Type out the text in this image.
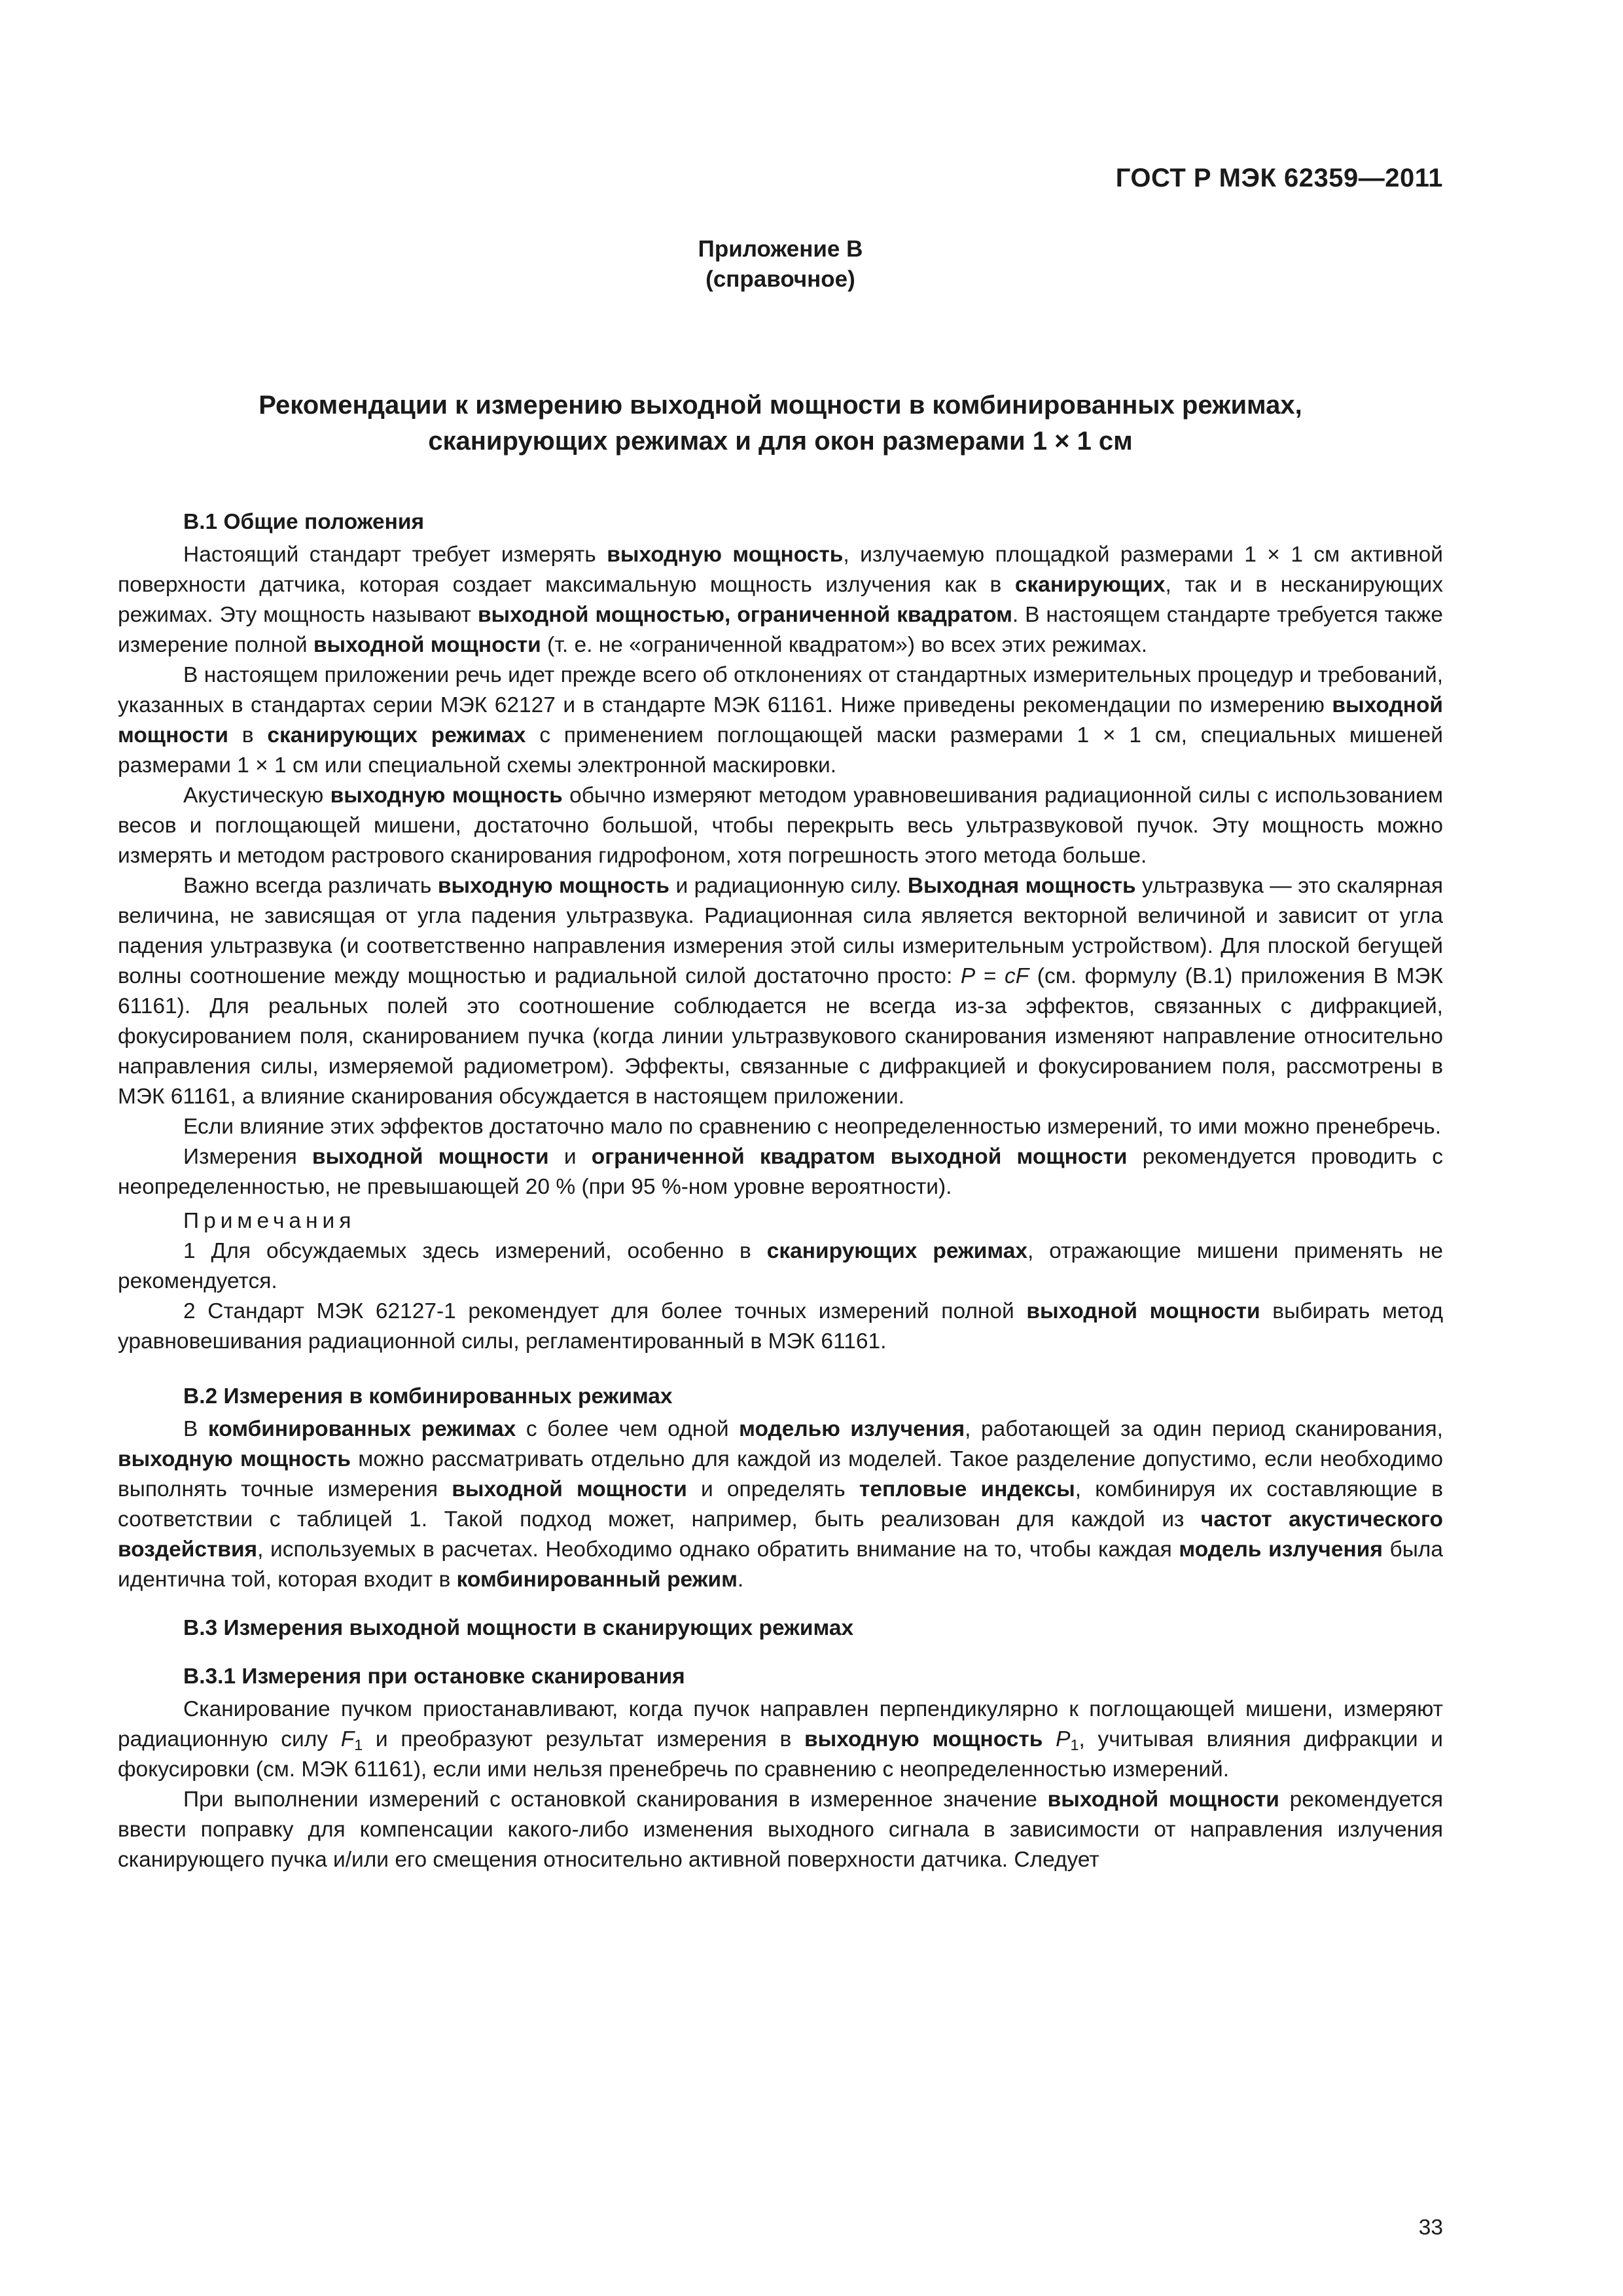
ГОСТ Р МЭК 62359—2011
Приложение В
(справочное)
Рекомендации к измерению выходной мощности в комбинированных режимах,
сканирующих режимах и для окон размерами 1 × 1 см
В.1 Общие положения

Настоящий стандарт требует измерять выходную мощность, излучаемую площадкой размерами 1 × 1 см активной поверхности датчика, которая создает максимальную мощность излучения как в сканирующих, так и в несканирующих режимах. Эту мощность называют выходной мощностью, ограниченной квадратом. В настоящем стандарте требуется также измерение полной выходной мощности (т. е. не «ограниченной квадратом») во всех этих режимах.

В настоящем приложении речь идет прежде всего об отклонениях от стандартных измерительных процедур и требований, указанных в стандартах серии МЭК 62127 и в стандарте МЭК 61161. Ниже приведены рекомендации по измерению выходной мощности в сканирующих режимах с применением поглощающей маски размерами 1 × 1 см, специальных мишеней размерами 1 × 1 см или специальной схемы электронной маскировки.

Акустическую выходную мощность обычно измеряют методом уравновешивания радиационной силы с использованием весов и поглощающей мишени, достаточно большой, чтобы перекрыть весь ультразвуковой пучок. Эту мощность можно измерять и методом растрового сканирования гидрофоном, хотя погрешность этого метода больше.

Важно всегда различать выходную мощность и радиационную силу. Выходная мощность ультразвука — это скалярная величина, не зависящая от угла падения ультразвука. Радиационная сила является векторной величиной и зависит от угла падения ультразвука (и соответственно направления измерения этой силы измерительным устройством). Для плоской бегущей волны соотношение между мощностью и радиальной силой достаточно просто: P = cF (см. формулу (В.1) приложения В МЭК 61161). Для реальных полей это соотношение соблюдается не всегда из-за эффектов, связанных с дифракцией, фокусированием поля, сканированием пучка (когда линии ультразвукового сканирования изменяют направление относительно направления силы, измеряемой радиометром). Эффекты, связанные с дифракцией и фокусированием поля, рассмотрены в МЭК 61161, а влияние сканирования обсуждается в настоящем приложении.

Если влияние этих эффектов достаточно мало по сравнению с неопределенностью измерений, то ими можно пренебречь.

Измерения выходной мощности и ограниченной квадратом выходной мощности рекомендуется проводить с неопределенностью, не превышающей 20 % (при 95 %-ном уровне вероятности).

Примечания

1 Для обсуждаемых здесь измерений, особенно в сканирующих режимах, отражающие мишени применять не рекомендуется.

2 Стандарт МЭК 62127-1 рекомендует для более точных измерений полной выходной мощности выбирать метод уравновешивания радиационной силы, регламентированный в МЭК 61161.

В.2 Измерения в комбинированных режимах

В комбинированных режимах с более чем одной моделью излучения, работающей за один период сканирования, выходную мощность можно рассматривать отдельно для каждой из моделей. Такое разделение допустимо, если необходимо выполнять точные измерения выходной мощности и определять тепловые индексы, комбинируя их составляющие в соответствии с таблицей 1. Такой подход может, например, быть реализован для каждой из частот акустического воздействия, используемых в расчетах. Необходимо однако обратить внимание на то, чтобы каждая модель излучения была идентична той, которая входит в комбинированный режим.

В.3 Измерения выходной мощности в сканирующих режимах
В.3.1 Измерения при остановке сканирования

Сканирование пучком приостанавливают, когда пучок направлен перпендикулярно к поглощающей мишени, измеряют радиационную силу $F_1$ и преобразуют результат измерения в выходную мощность $P_1$, учитывая влияния дифракции и фокусировки (см. МЭК 61161), если ими нельзя пренебречь по сравнению с неопределенностью измерений.

При выполнении измерений с остановкой сканирования в измеренное значение выходной мощности рекомендуется ввести поправку для компенсации какого-либо изменения выходного сигнала в зависимости от направления излучения сканирующего пучка и/или его смещения относительно активной поверхности датчика. Следует

33
